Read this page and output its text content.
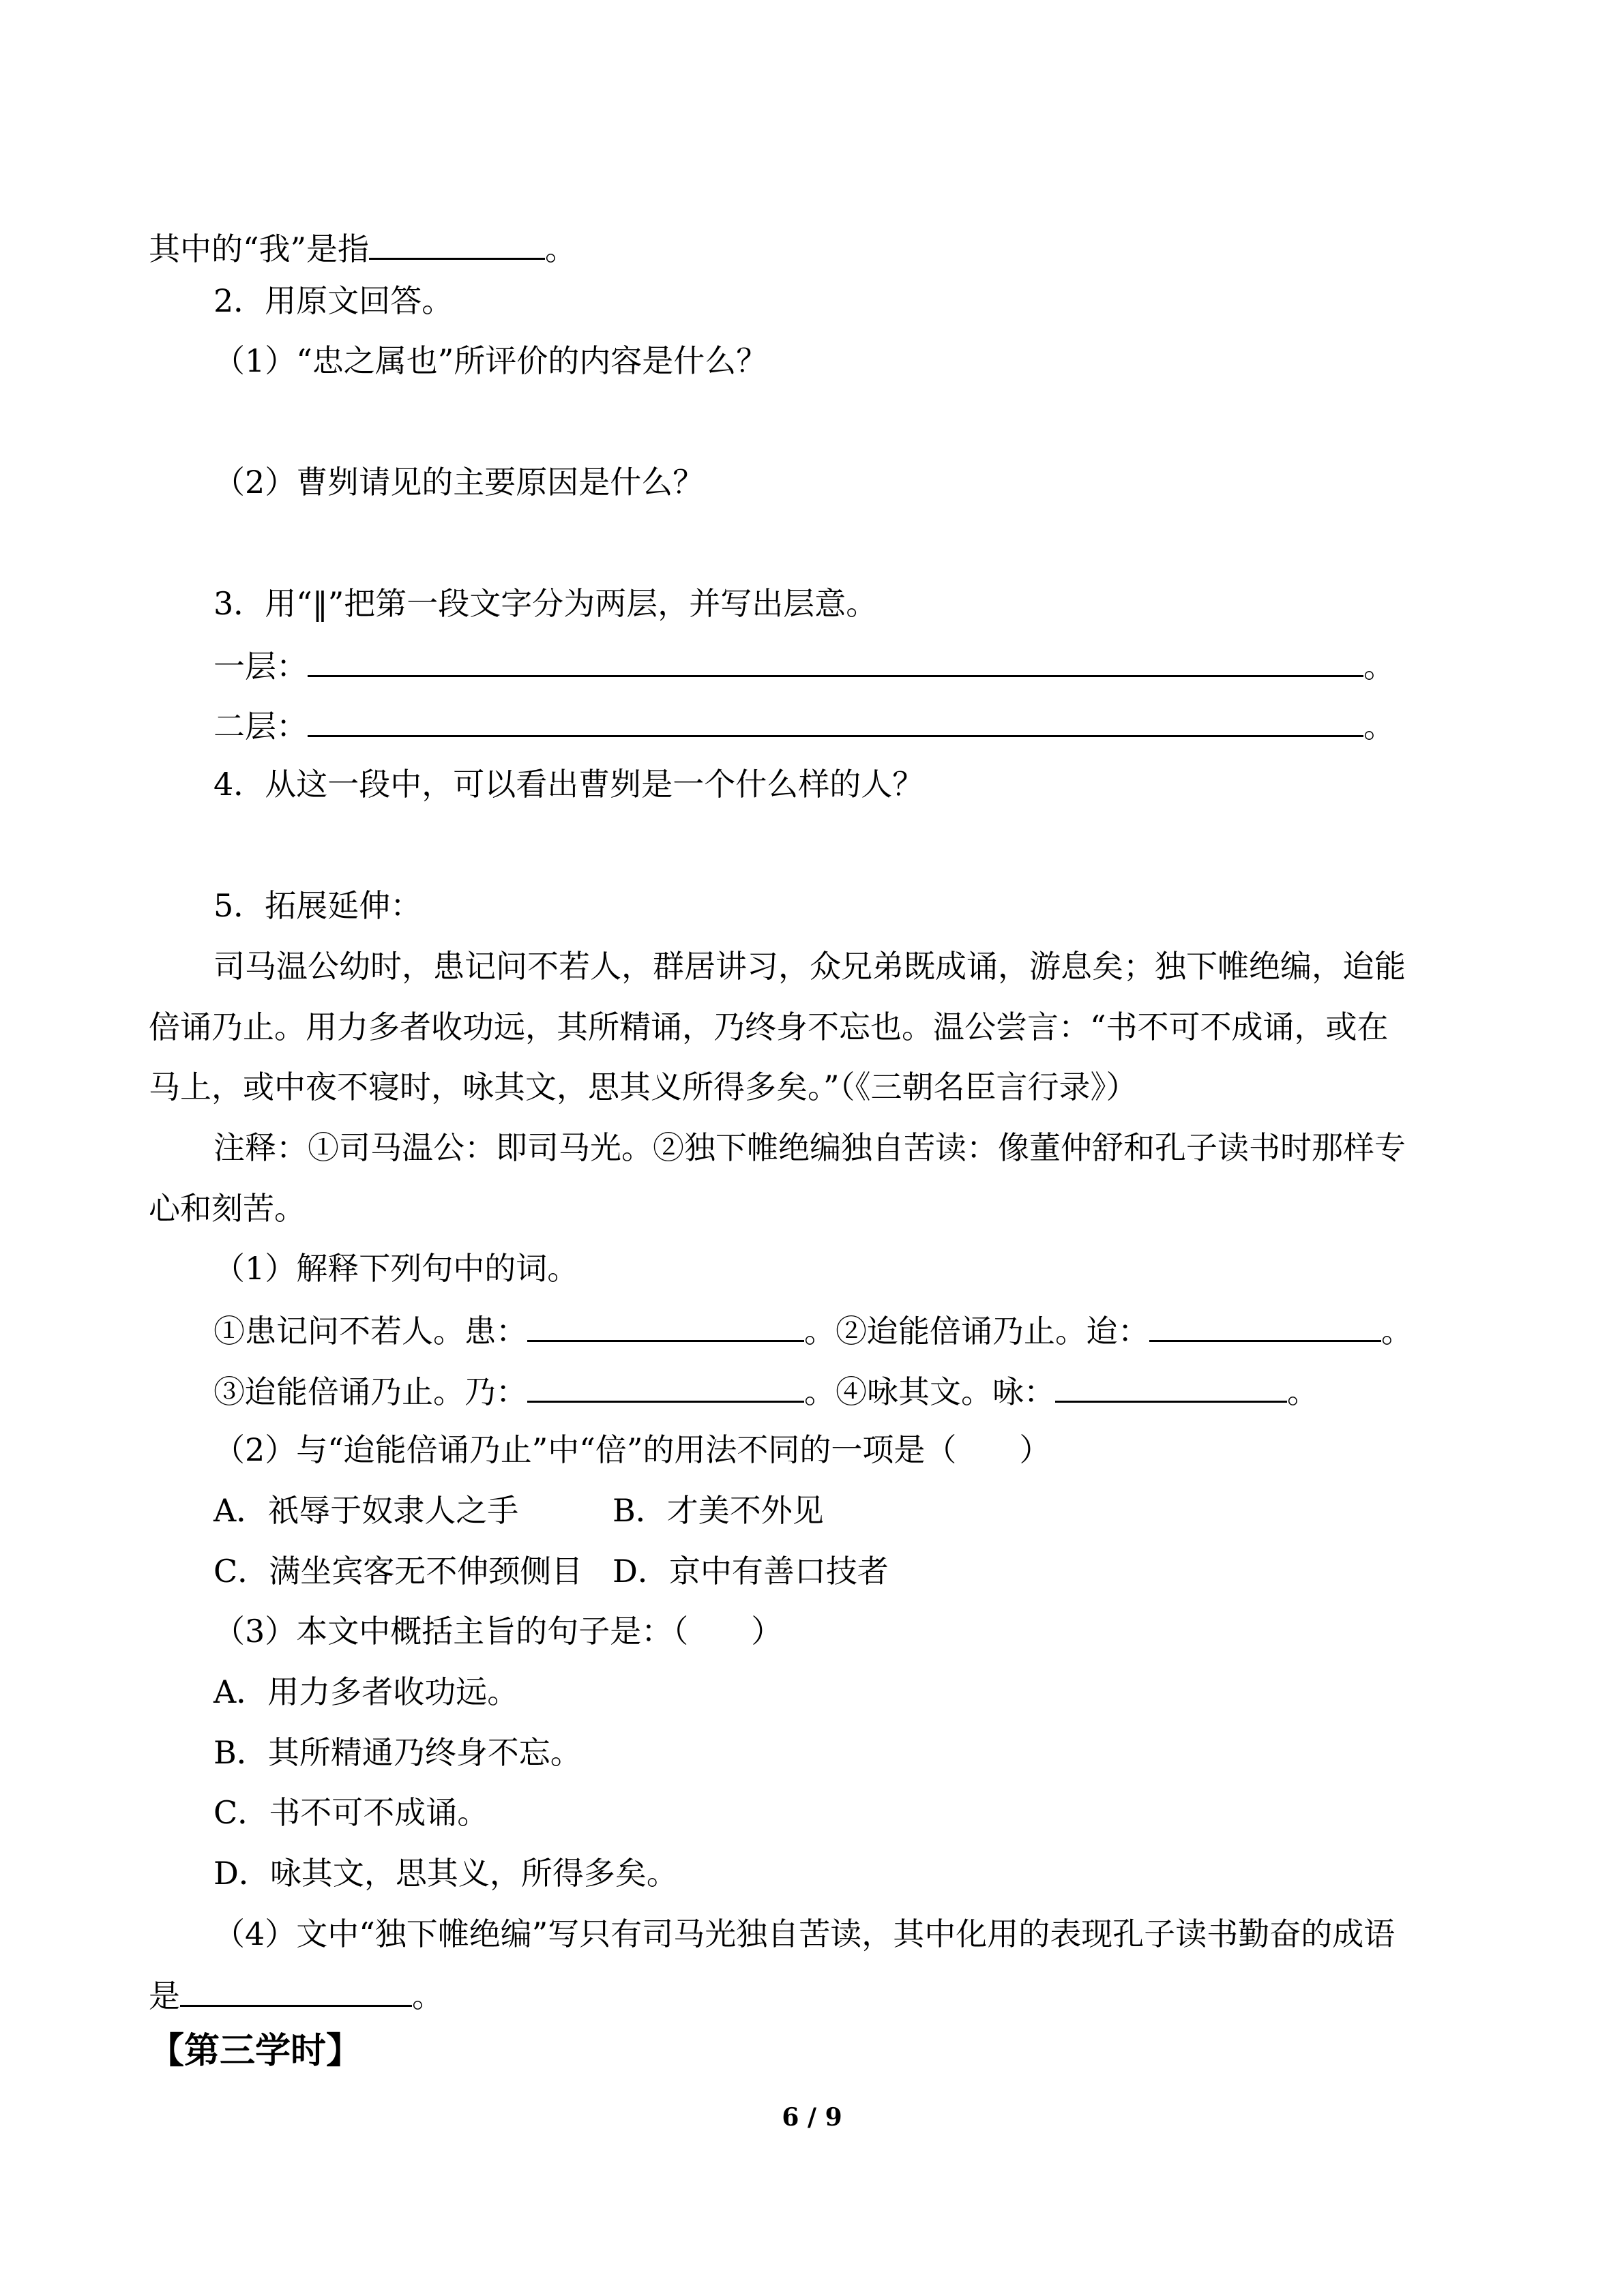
其中的“我”是指	。
2．用原文回答。
（1）“忠之属也”所评价的内容是什么？
（2）曹刿请见的主要原因是什么？
3．用“‖”把第一段文字分为两层，并写出层意。
一层：	。
二层：	。
4．从这一段中，可以看出曹刿是一个什么样的人？
5．拓展延伸：
司马温公幼时，患记问不若人，群居讲习，众兄弟既成诵，游息矣；独下帷绝编，迨能
倍诵乃止。用力多者收功远，其所精诵，乃终身不忘也。温公尝言：“书不可不成诵，或在
马上，或中夜不寝时，咏其文，思其义所得多矣。”（《三朝名臣言行录》）
注释：①司马温公：即司马光。②独下帷绝编独自苦读：像董仲舒和孔子读书时那样专
心和刻苦。
（1）解释下列句中的词。
①患记问不若人。患：	。②迨能倍诵乃止。迨：	。
③迨能倍诵乃止。乃：	。④咏其文。咏：	。
（2）与“迨能倍诵乃止”中“倍”的用法不同的一项是（　　）
A．祇辱于奴隶人之手	B．才美不外见
C．满坐宾客无不伸颈侧目 D．京中有善口技者
（3）本文中概括主旨的句子是：（　　）
A．用力多者收功远。
B．其所精通乃终身不忘。
C．书不可不成诵。
D．咏其文，思其义，所得多矣。
（4）文中“独下帷绝编”写只有司马光独自苦读，其中化用的表现孔子读书勤奋的成语
是	。
【第三学时】
6 / 9
